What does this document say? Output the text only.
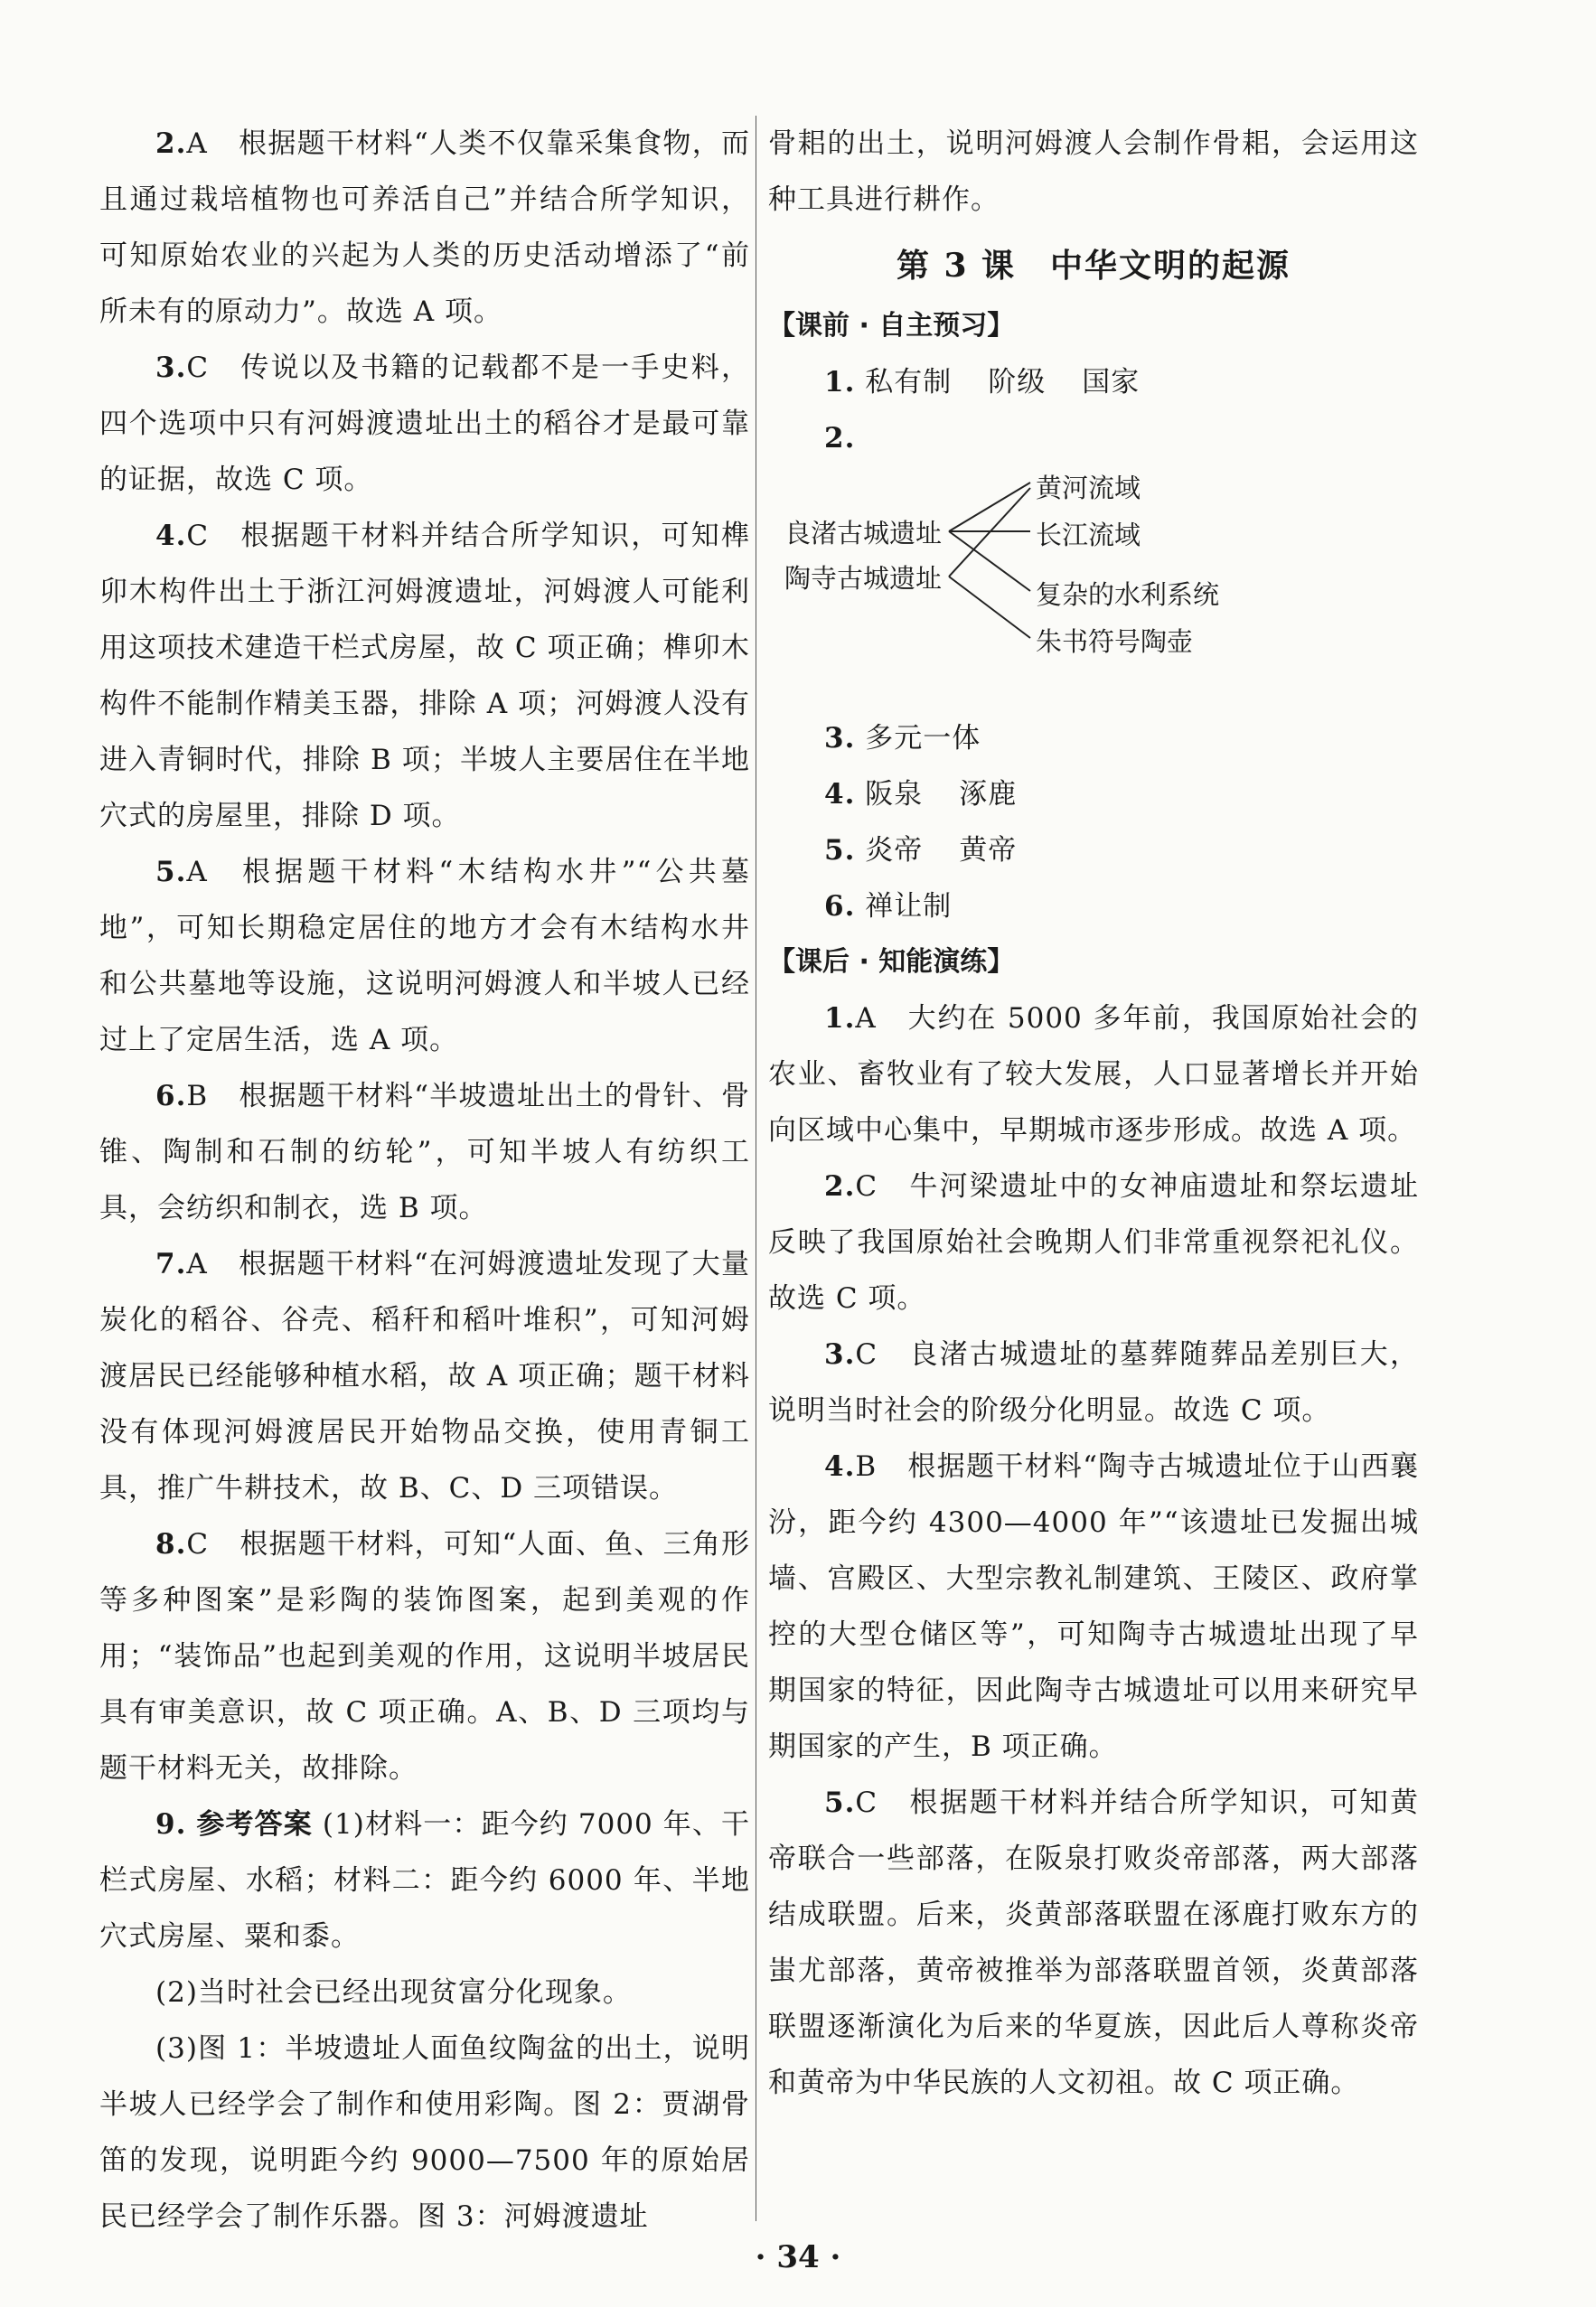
2.A 根据题干材料“人类不仅靠采集食物，而且通过栽培植物也可养活自己”并结合所学知识，可知原始农业的兴起为人类的历史活动增添了“前所未有的原动力”。故选 A 项。

3.C 传说以及书籍的记载都不是一手史料，四个选项中只有河姆渡遗址出土的稻谷才是最可靠的证据，故选 C 项。

4.C 根据题干材料并结合所学知识，可知榫卯木构件出土于浙江河姆渡遗址，河姆渡人可能利用这项技术建造干栏式房屋，故 C 项正确；榫卯木构件不能制作精美玉器，排除 A 项；河姆渡人没有进入青铜时代，排除 B 项；半坡人主要居住在半地穴式的房屋里，排除 D 项。

5.A 根据题干材料“木结构水井”“公共墓地”，可知长期稳定居住的地方才会有木结构水井和公共墓地等设施，这说明河姆渡人和半坡人已经过上了定居生活，选 A 项。

6.B 根据题干材料“半坡遗址出土的骨针、骨锥、陶制和石制的纺轮”，可知半坡人有纺织工具，会纺织和制衣，选 B 项。

7.A 根据题干材料“在河姆渡遗址发现了大量炭化的稻谷、谷壳、稻秆和稻叶堆积”，可知河姆渡居民已经能够种植水稻，故 A 项正确；题干材料没有体现河姆渡居民开始物品交换，使用青铜工具，推广牛耕技术，故 B、C、D 三项错误。

8.C 根据题干材料，可知“人面、鱼、三角形等多种图案”是彩陶的装饰图案，起到美观的作用；“装饰品”也起到美观的作用，这说明半坡居民具有审美意识，故 C 项正确。A、B、D 三项均与题干材料无关，故排除。

9. 参考答案 (1)材料一：距今约 7000 年、干栏式房屋、水稻；材料二：距今约 6000 年、半地穴式房屋、粟和黍。

(2)当时社会已经出现贫富分化现象。

(3)图 1：半坡遗址人面鱼纹陶盆的出土，说明半坡人已经学会了制作和使用彩陶。图 2：贾湖骨笛的发现，说明距今约 9000—7500 年的原始居民已经学会了制作乐器。图 3：河姆渡遗址

骨耜的出土，说明河姆渡人会制作骨耜，会运用这种工具进行耕作。

第 3 课　中华文明的起源
【课前 · 自主预习】

1. 私有制 阶级 国家

2.

良渚古城遗址
陶寺古城遗址
黄河流域
长江流域
复杂的水利系统
朱书符号陶壶

3. 多元一体

4. 阪泉 涿鹿

5. 炎帝 黄帝

6. 禅让制

【课后 · 知能演练】

1.A 大约在 5000 多年前，我国原始社会的农业、畜牧业有了较大发展，人口显著增长并开始向区域中心集中，早期城市逐步形成。故选 A 项。

2.C 牛河梁遗址中的女神庙遗址和祭坛遗址反映了我国原始社会晚期人们非常重视祭祀礼仪。故选 C 项。

3.C 良渚古城遗址的墓葬随葬品差别巨大，说明当时社会的阶级分化明显。故选 C 项。

4.B 根据题干材料“陶寺古城遗址位于山西襄汾，距今约 4300—4000 年”“该遗址已发掘出城墙、宫殿区、大型宗教礼制建筑、王陵区、政府掌控的大型仓储区等”，可知陶寺古城遗址出现了早期国家的特征，因此陶寺古城遗址可以用来研究早期国家的产生，B 项正确。

5.C 根据题干材料并结合所学知识，可知黄帝联合一些部落，在阪泉打败炎帝部落，两大部落结成联盟。后来，炎黄部落联盟在涿鹿打败东方的蚩尤部落，黄帝被推举为部落联盟首领，炎黄部落联盟逐渐演化为后来的华夏族，因此后人尊称炎帝和黄帝为中华民族的人文初祖。故 C 项正确。

· 34 ·
